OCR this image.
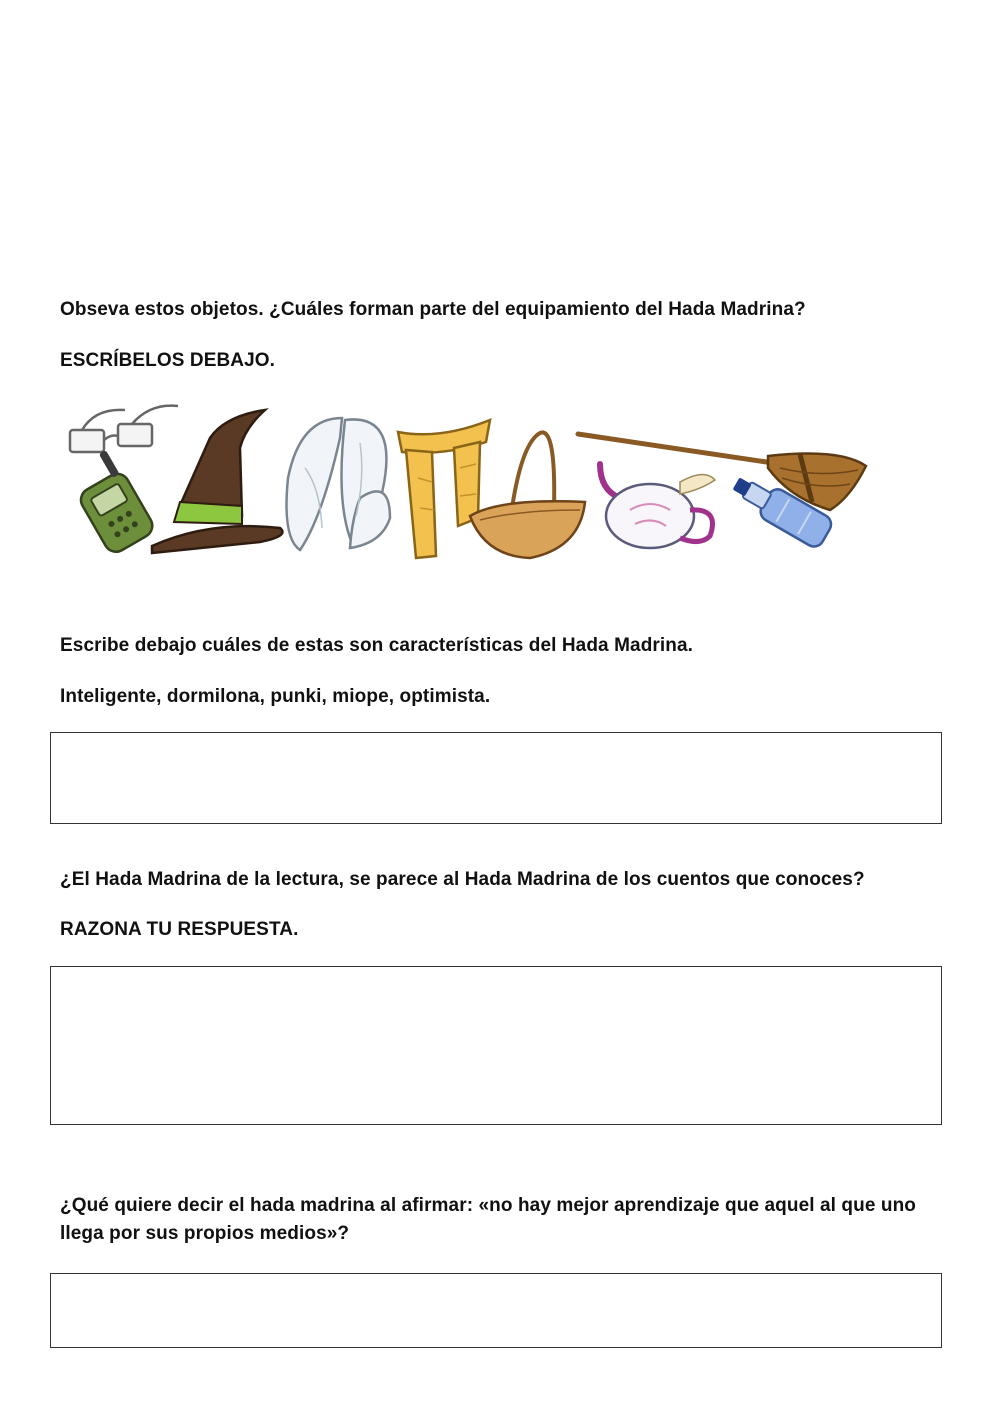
Obseva estos objetos. ¿Cuáles forman parte del equipamiento del Hada Madrina?

ESCRÍBELOS DEBAJO.

Escribe debajo cuáles de estas son características del Hada Madrina.

Inteligente, dormilona, punki, miope, optimista.

¿El Hada Madrina de la lectura, se parece al Hada Madrina de los cuentos que conoces?

RAZONA TU RESPUESTA.

¿Qué quiere decir el hada madrina al afirmar: «no hay mejor aprendizaje que aquel al que uno llega por sus propios medios»?
